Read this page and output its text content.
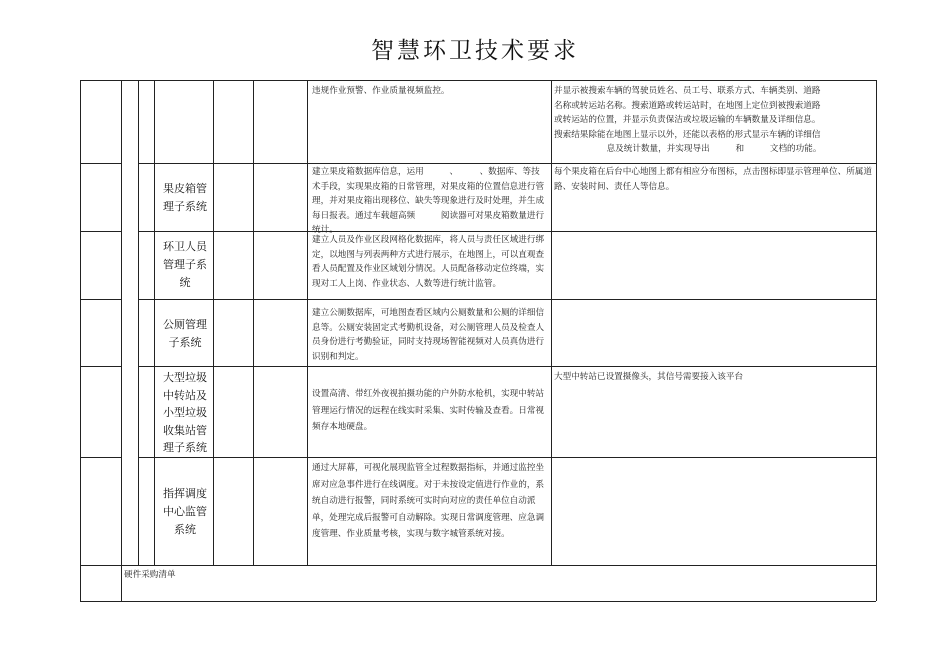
智慧环卫技术要求
违规作业预警、作业质量视频监控。	并显示被搜索车辆的驾驶员姓名、员工号、联系方式、车辆类别、道路
名称或转运站名称。搜索道路或转运站时，在地图上定位到被搜索道路
或转运站的位置，并显示负责保洁或垃圾运输的车辆数量及详细信息。
搜索结果除能在地图上显示以外，还能以表格的形式显示车辆的详细信
息及统计数量，并实现导出　　　和　　　文档的功能。
果皮箱管理子系统
建立果皮箱数据库信息，运用　　　、　　　、数据库、等技术手段，实现果皮箱的日常管理，对果皮箱的位置信息进行管理，并对果皮箱出现移位、缺失等现象进行及时处理，并生成每日报表。通过车载超高频　　　阅读器可对果皮箱数量进行统计。
每个果皮箱在后台中心地图上都有相应分布图标，点击图标即显示管理单位、所属道路、安装时间、责任人等信息。
环卫人员管理子系统
建立人员及作业区段网格化数据库，将人员与责任区域进行绑定，以地图与列表两种方式进行展示，在地图上，可以直观查看人员配置及作业区域划分情况。人员配备移动定位终端，实现对工人上岗、作业状态、人数等进行统计监管。
公厕管理子系统
建立公厕数据库，可地图查看区域内公厕数量和公厕的详细信息等。公厕安装固定式考勤机设备，对公厕管理人员及检查人员身份进行考勤验证，同时支持现场智能视频对人员真伪进行识别和判定。
大型垃圾中转站及小型垃圾收集站管理子系统
设置高清、带红外夜视拍摄功能的户外防水枪机，实现中转站管理运行情况的远程在线实时采集、实时传输及查看。日常视频存本地硬盘。
大型中转站已设置摄像头，其信号需要接入该平台
指挥调度中心监管系统
通过大屏幕，可视化展现监管全过程数据指标，并通过监控坐席对应急事件进行在线调度。对于未按设定值进行作业的，系统自动进行报警，同时系统可实时向对应的责任单位自动派单，处理完成后报警可自动解除。实现日常调度管理、应急调度管理、作业质量考核，实现与数字城管系统对接。
硬件采购清单
